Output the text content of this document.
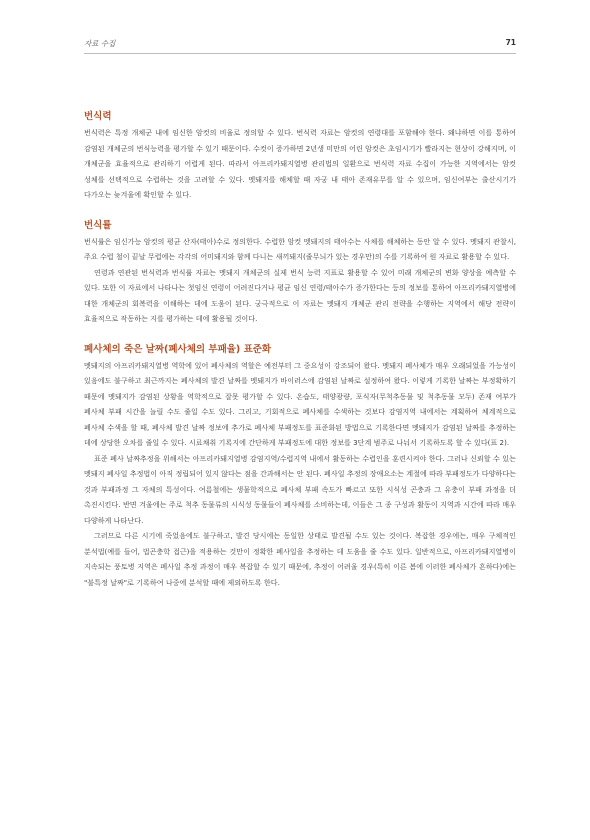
자료 수집	71
번식력

번식력은 특정 개체군 내에 임신한 암컷의 비율로 정의할 수 있다. 번식력 자료는 암컷의 연령대를 포함해야 한다. 왜냐하면 이를 통하여 감염된 개체군의 번식능력을 평가할 수 있기 때문이다. 수컷이 증가하면 2년생 미만의 어린 암컷은 초임시기가 빨라지는 현상이 강해지며, 이 개체군을 효율적으로 관리하기 어렵게 된다. 따라서 아프리카돼지열병 관리법의 일환으로 번식력 자료 수집이 가능한 지역에서는 암컷 성체를 선택적으로 수렵하는 것을 고려할 수 있다. 멧돼지를 해체할 때 자궁 내 태아 존재유무를 알 수 있으며, 임신여부는 출산시기가 다가오는 늦겨울에 확인할 수 있다.

번식률

번식률은 임신가능 암컷의 평균 산자(태아)수로 정의한다. 수렵한 암컷 멧돼지의 태아수는 사체를 해체하는 동안 알 수 있다. 멧돼지 관찰시, 주요 수렵 철이 끝날 무렵에는 각각의 어미돼지와 함께 다니는 새끼돼지(줄무늬가 있는 경우만)의 수를 기록하여 원 자료로 활용할 수 있다.

연령과 연관된 번식력과 번식률 자료는 멧돼지 개체군의 실제 번식 능력 지표로 활용할 수 있어 미래 개체군의 변화 양상을 예측할 수 있다. 또한 이 자료에서 나타나는 첫임신 연령이 어려진다거나 평균 임신 연령/태아수가 증가한다는 등의 정보를 통하여 아프리카돼지열병에 대한 개체군의 회복력을 이해하는 데에 도움이 된다. 궁극적으로 이 자료는 멧돼지 개체군 관리 전략을 수행하는 지역에서 해당 전략이 효율적으로 작동하는 지를 평가하는 데에 활용될 것이다.

폐사체의 죽은 날짜(폐사체의 부패율) 표준화

멧돼지의 아프리카돼지열병 역학에 있어 폐사체의 역할은 예전부터 그 중요성이 강조되어 왔다. 멧돼지 폐사체가 매우 오래되었을 가능성이 있음에도 불구하고 최근까지는 폐사체의 발견 날짜를 멧돼지가 바이러스에 감염된 날짜로 설정하여 왔다. 이렇게 기록한 날짜는 부정확하기 때문에 멧돼지가 감염된 상황을 역학적으로 잘못 평가할 수 있다. 온습도, 태양광량, 포식자(무척추동물 및 척추동물 모두) 존재 여부가 폐사체 부패 시간을 늘릴 수도 줄일 수도 있다. 그리고, 기회적으로 폐사체를 수색하는 것보다 감염지역 내에서는 계획하여 체계적으로 폐사체 수색을 할 때, 폐사체 발견 날짜 정보에 추가로 폐사체 부패정도를 표준화된 방법으로 기록한다면 멧돼지가 감염된 날짜를 추정하는 데에 상당한 오차를 줄일 수 있다. 시료채취 기록지에 간단하게 부패정도에 대한 정보를 3단계 범주로 나눠서 기록하도록 할 수 있다(표 2).

표준 폐사 날짜추정을 위해서는 아프리카돼지열병 감염지역/수렵지역 내에서 활동하는 수렵인을 훈련시켜야 한다. 그러나 신뢰할 수 있는 멧돼지 폐사일 추정법이 아직 정립되어 있지 않다는 점을 간과해서는 안 된다. 폐사일 추정의 장애요소는 계절에 따라 부패정도가 다양하다는 것과 부패과정 그 자체의 특성이다. 여름철에는 생물학적으로 폐사체 부패 속도가 빠르고 또한 시식성 곤충과 그 유충이 부패 과정을 더 촉진시킨다. 반면 겨울에는 주로 척추 동물류의 시식성 동물들이 폐사체를 소비하는데, 이들은 그 종 구성과 활동이 지역과 시간에 따라 매우 다양하게 나타난다.

그러므로 다른 시기에 죽었음에도 불구하고, 발견 당시에는 동일한 상태로 발견될 수도 있는 것이다. 복잡한 경우에는, 매우 구체적인 분석법(예를 들어, 법곤충학 접근)을 적용하는 것만이 정확한 폐사일을 추정하는 데 도움을 줄 수도 있다. 일반적으로, 아프리카돼지열병이 지속되는 풍토병 지역은 폐사일 추정 과정이 매우 복잡할 수 있기 때문에, 추정이 어려울 경우(특히 이른 봄에 이러한 폐사체가 흔하다)에는 "불특정 날짜"로 기록하여 나중에 분석할 때에 제외하도록 한다.
